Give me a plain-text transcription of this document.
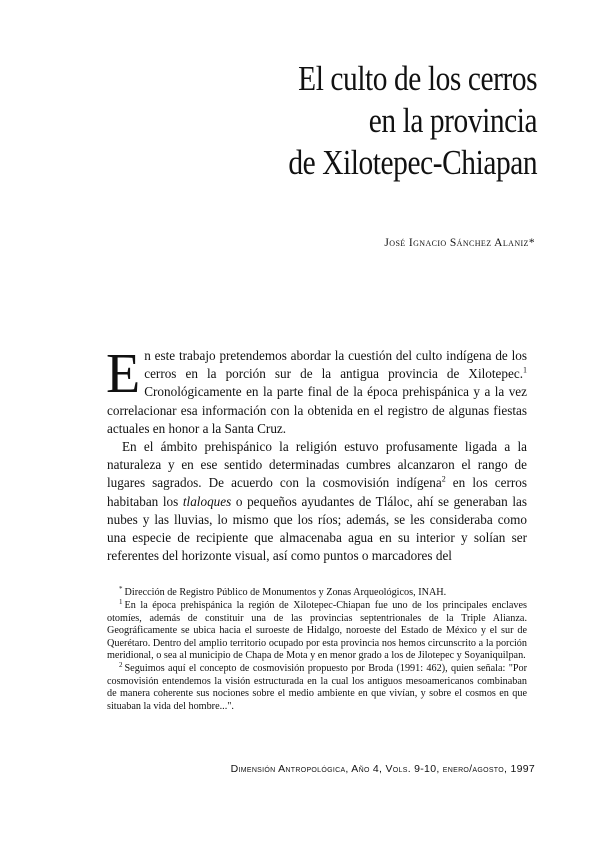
El culto de los cerros
en la provincia
de Xilotepec-Chiapan
José Ignacio Sánchez Alaniz*

En este trabajo pretendemos abordar la cuestión del culto indígena de los cerros en la porción sur de la antigua provincia de Xilotepec.$^1$ Cronológicamente en la parte final de la época prehispánica y a la vez correlacionar esa información con la obtenida en el registro de algunas fiestas actuales en honor a la Santa Cruz.

En el ámbito prehispánico la religión estuvo profusamente ligada a la naturaleza y en ese sentido determinadas cumbres alcanzaron el rango de lugares sagrados. De acuerdo con la cosmovisión indígena$^2$ en los cerros habitaban los tlaloques o pequeños ayudantes de Tláloc, ahí se generaban las nubes y las lluvias, lo mismo que los ríos; además, se les consideraba como una especie de recipiente que almacenaba agua en su interior y solían ser referentes del horizonte visual, así como puntos o marcadores del

* Dirección de Registro Público de Monumentos y Zonas Arqueológicos, INAH.

$^1$ En la época prehispánica la región de Xilotepec-Chiapan fue uno de los principales enclaves otomíes, además de constituir una de las provincias septentrionales de la Triple Alianza. Geográficamente se ubica hacia el suroeste de Hidalgo, noroeste del Estado de México y el sur de Querétaro. Dentro del amplio territorio ocupado por esta provincia nos hemos circunscrito a la porción meridional, o sea al municipio de Chapa de Mota y en menor grado a los de Jilotepec y Soyaniquilpan.

$^2$ Seguimos aquí el concepto de cosmovisión propuesto por Broda (1991: 462), quien señala: "Por cosmovisión entendemos la visión estructurada en la cual los antiguos mesoamericanos combinaban de manera coherente sus nociones sobre el medio ambiente en que vivían, y sobre el cosmos en que situaban la vida del hombre...".

Dimensión Antropológica, Año 4, Vols. 9-10, enero/agosto, 1997
